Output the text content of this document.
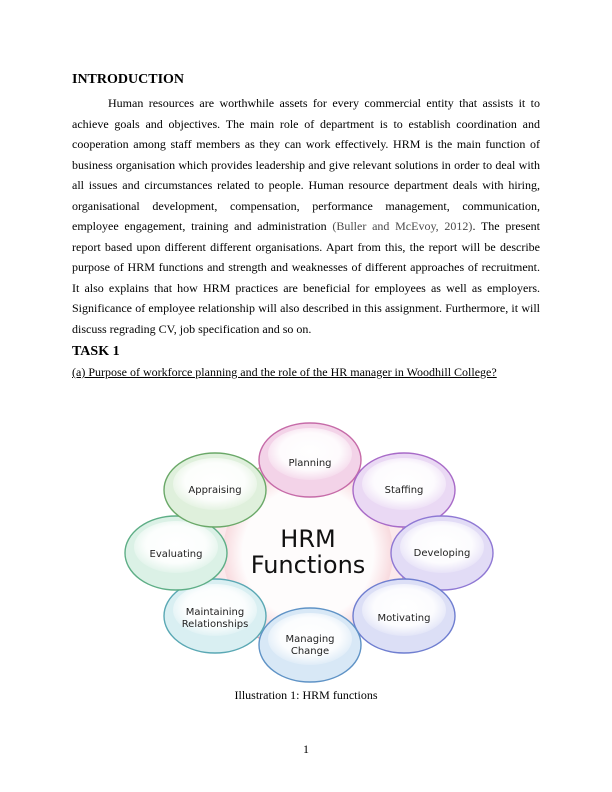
INTRODUCTION

Human resources are worthwhile assets for every commercial entity that assists it to achieve goals and objectives. The main role of department is to establish coordination and cooperation among staff members as they can work effectively. HRM is the main function of business organisation which provides leadership and give relevant solutions in order to deal with all issues and circumstances related to people. Human resource department deals with hiring, organisational development, compensation, performance management, communication, employee engagement, training and administration (Buller and McEvoy, 2012). The present report based upon different different organisations. Apart from this, the report will be describe purpose of HRM functions and strength and weaknesses of different approaches of recruitment. It also explains that how HRM practices are beneficial for employees as well as employers. Significance of employee relationship will also described in this assignment. Furthermore, it will discuss regrading CV, job specification and so on.

TASK 1

(a) Purpose of workforce planning and the role of the HR manager in Woodhill College?

Planning
Staffing
Developing
Motivating
Managing
Change
Maintaining
Relationships
Evaluating
Appraising
HRM
Functions

Illustration 1: HRM functions

1
